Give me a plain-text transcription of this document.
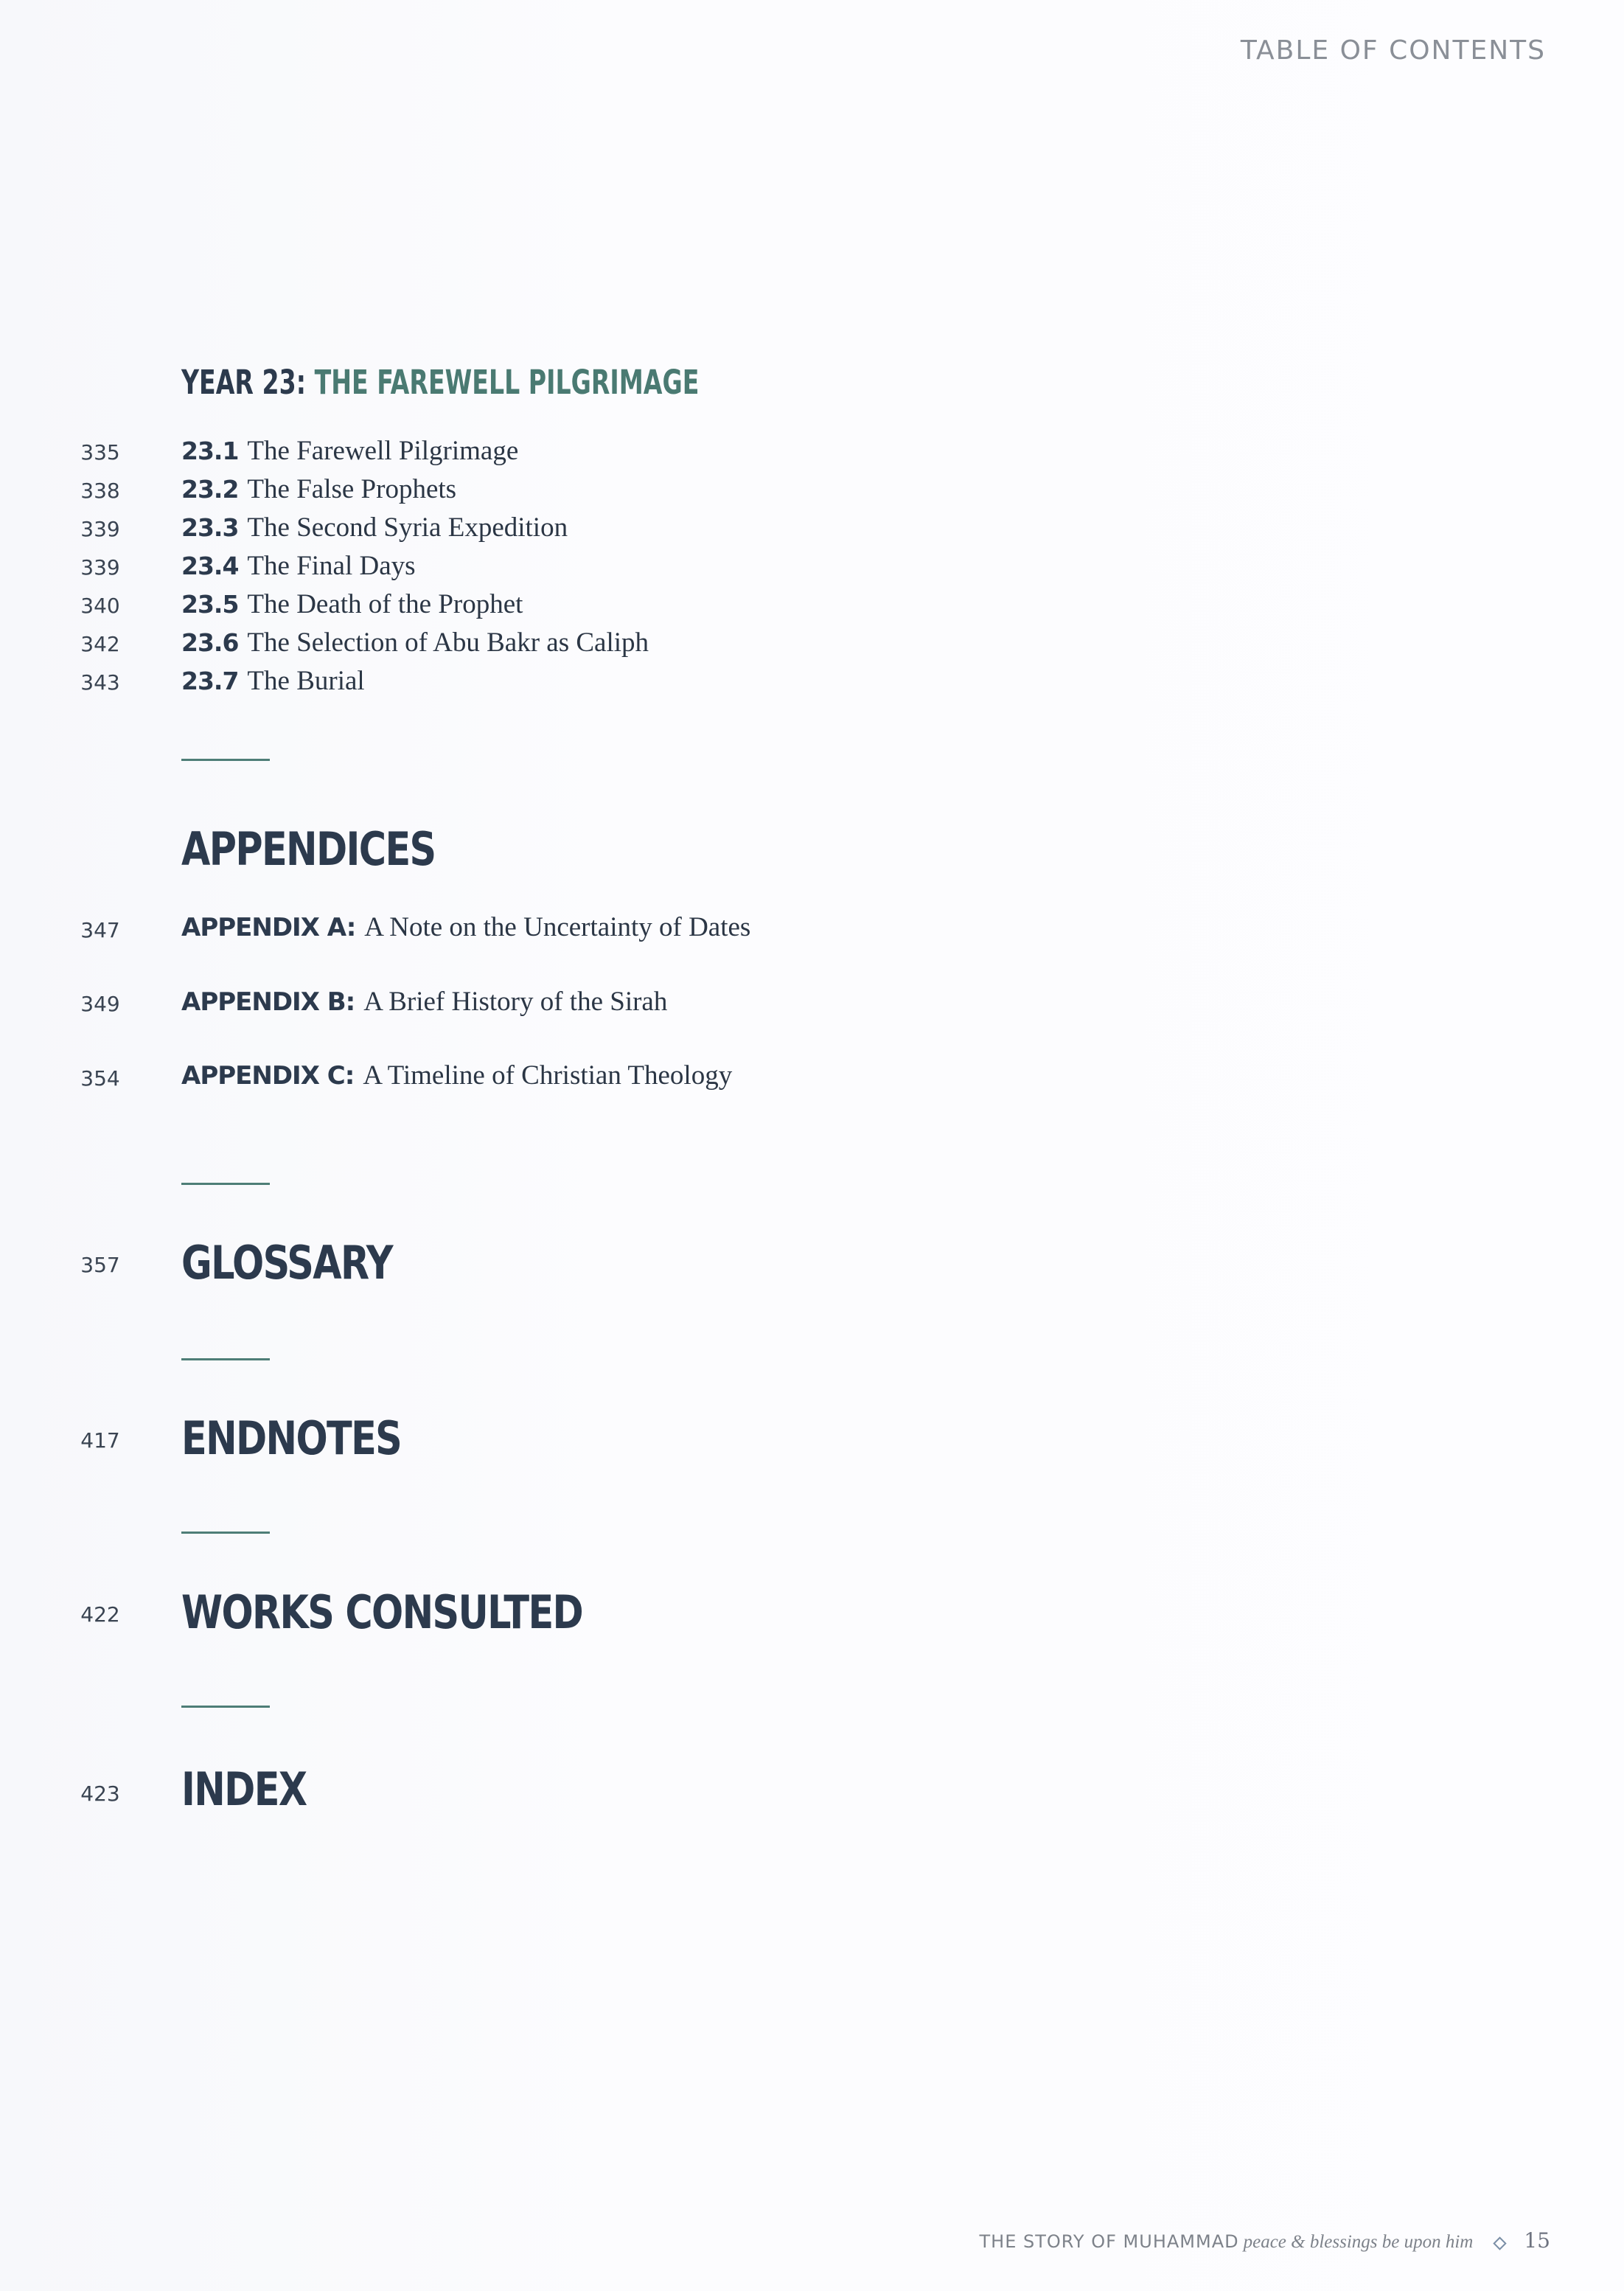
TABLE OF CONTENTS
YEAR 23: THE FAREWELL PILGRIMAGE
335	23.1 The Farewell Pilgrimage
338	23.2 The False Prophets
339	23.3 The Second Syria Expedition
339	23.4 The Final Days
340	23.5 The Death of the Prophet
342	23.6 The Selection of Abu Bakr as Caliph
343	23.7 The Burial
APPENDICES
347	APPENDIX A: A Note on the Uncertainty of Dates
349	APPENDIX B: A Brief History of the Sirah
354	APPENDIX C: A Timeline of Christian Theology
357	GLOSSARY
417	ENDNOTES
422	WORKS CONSULTED
423	INDEX
THE STORY OF MUHAMMAD peace & blessings be upon him 15
